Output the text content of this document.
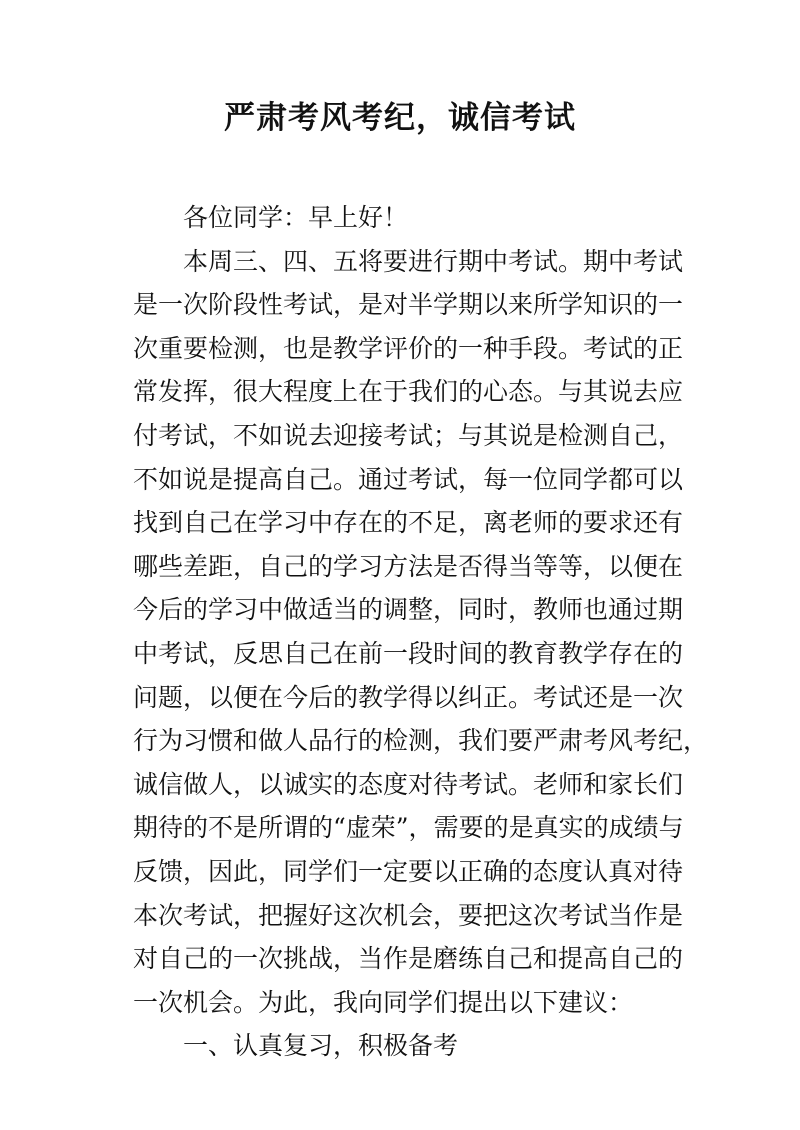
严肃考风考纪，诚信考试
各位同学：早上好！
本周三、四、五将要进行期中考试。期中考试
是一次阶段性考试，是对半学期以来所学知识的一
次重要检测，也是教学评价的一种手段。考试的正
常发挥，很大程度上在于我们的心态。与其说去应
付考试，不如说去迎接考试；与其说是检测自己，
不如说是提高自己。通过考试，每一位同学都可以
找到自己在学习中存在的不足，离老师的要求还有
哪些差距，自己的学习方法是否得当等等，以便在
今后的学习中做适当的调整，同时，教师也通过期
中考试，反思自己在前一段时间的教育教学存在的
问题，以便在今后的教学得以纠正。考试还是一次
行为习惯和做人品行的检测，我们要严肃考风考纪，
诚信做人，以诚实的态度对待考试。老师和家长们
期待的不是所谓的“虚荣”，需要的是真实的成绩与
反馈，因此，同学们一定要以正确的态度认真对待
本次考试，把握好这次机会，要把这次考试当作是
对自己的一次挑战，当作是磨练自己和提高自己的
一次机会。为此，我向同学们提出以下建议：
一、认真复习，积极备考
